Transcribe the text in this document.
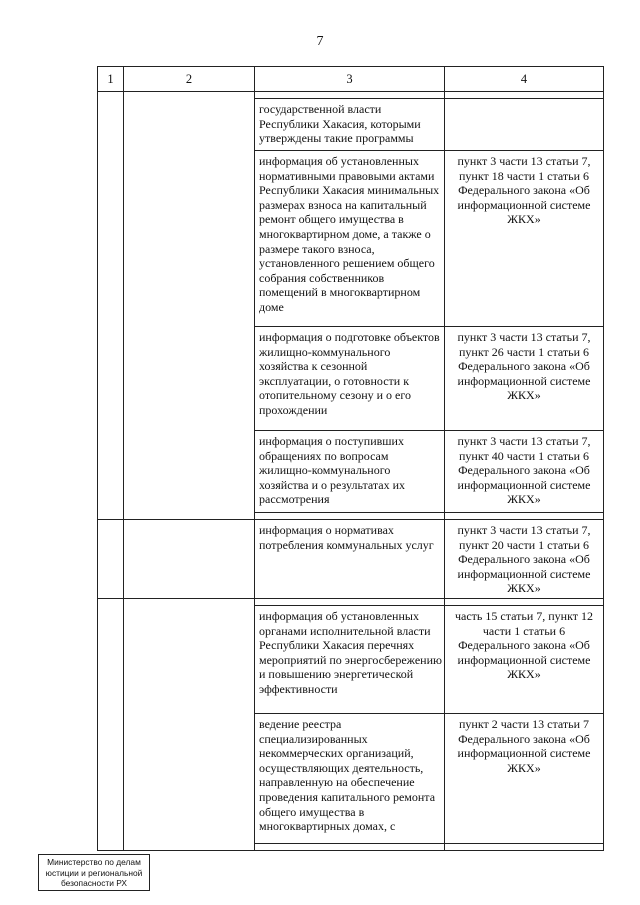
7
1	2	3	4

		государственной власти Республики Хакасия, которыми утверждены такие программы	
		информация об установленных нормативными правовыми актами Республики Хакасия минимальных размерах взноса на капитальный ремонт общего имущества в многоквартирном доме, а также о размере такого взноса, установленного решением общего собрания собственников помещений в многоквартирном доме	пункт 3 части 13 статьи 7, пункт 18 части 1 статьи 6 Федерального закона «Об информационной системе ЖКХ»
		информация о подготовке объектов жилищно-коммунального хозяйства к сезонной эксплуатации, о готовности к отопительному сезону и о его прохождении	пункт 3 части 13 статьи 7, пункт 26 части 1 статьи 6 Федерального закона «Об информационной системе ЖКХ»
		информация о поступивших обращениях по вопросам жилищно-коммунального хозяйства и о результатах их рассмотрения	пункт 3 части 13 статьи 7, пункт 40 части 1 статьи 6 Федерального закона «Об информационной системе ЖКХ»

		информация о нормативах потребления коммунальных услуг	пункт 3 части 13 статьи 7, пункт 20 части 1 статьи 6 Федерального закона «Об информационной системе ЖКХ»

		информация об установленных органами исполнительной власти Республики Хакасия перечнях мероприятий по энергосбережению и повышению энергетической эффективности	часть 15 статьи 7, пункт 12 части 1 статьи 6 Федерального закона «Об информационной системе ЖКХ»
		ведение реестра специализированных некоммерческих организаций, осуществляющих деятельность, направленную на обеспечение проведения капитального ремонта общего имущества в многоквартирных домах, с	пункт 2 части 13 статьи 7 Федерального закона «Об информационной системе ЖКХ»

Министерство по делам
юстиции и региональной
безопасности РХ
